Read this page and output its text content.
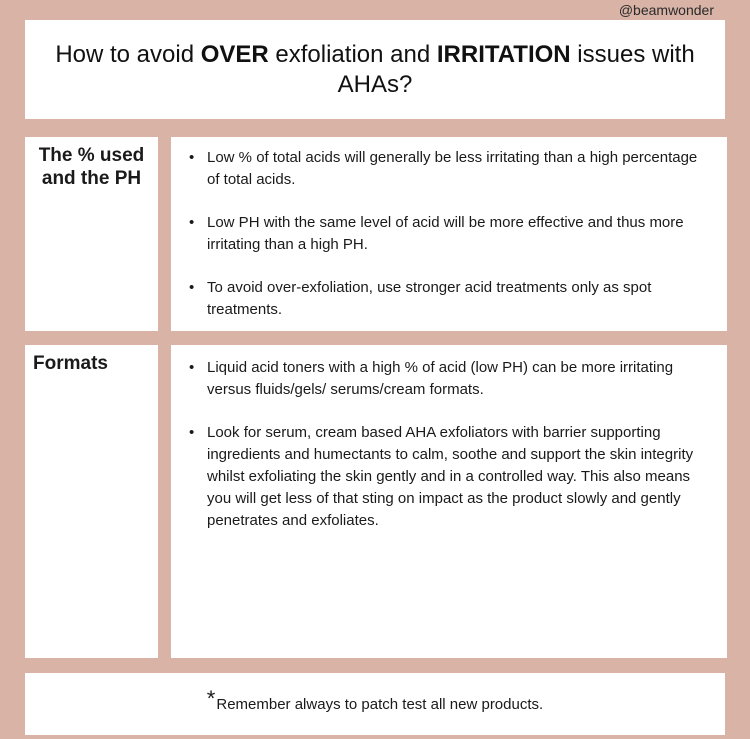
@beamwonder
How to avoid OVER exfoliation and IRRITATION issues with AHAs?
The % used and the PH
• Low % of total acids will generally be less irritating than a high percentage of total acids.
• Low PH with the same level of acid will be more effective and thus more irritating than a high PH.
• To avoid over-exfoliation, use stronger acid treatments only as spot treatments.
Formats	• Liquid acid toners with a high % of acid (low PH) can be more irritating versus fluids/gels/ serums/cream formats.
• Look for serum, cream based AHA exfoliators with barrier supporting ingredients and humectants to calm, soothe and support the skin integrity whilst exfoliating the skin gently and in a controlled way. This also means you will get less of that sting on impact as the product slowly and gently penetrates and exfoliates.
* Remember always to patch test all new products.
